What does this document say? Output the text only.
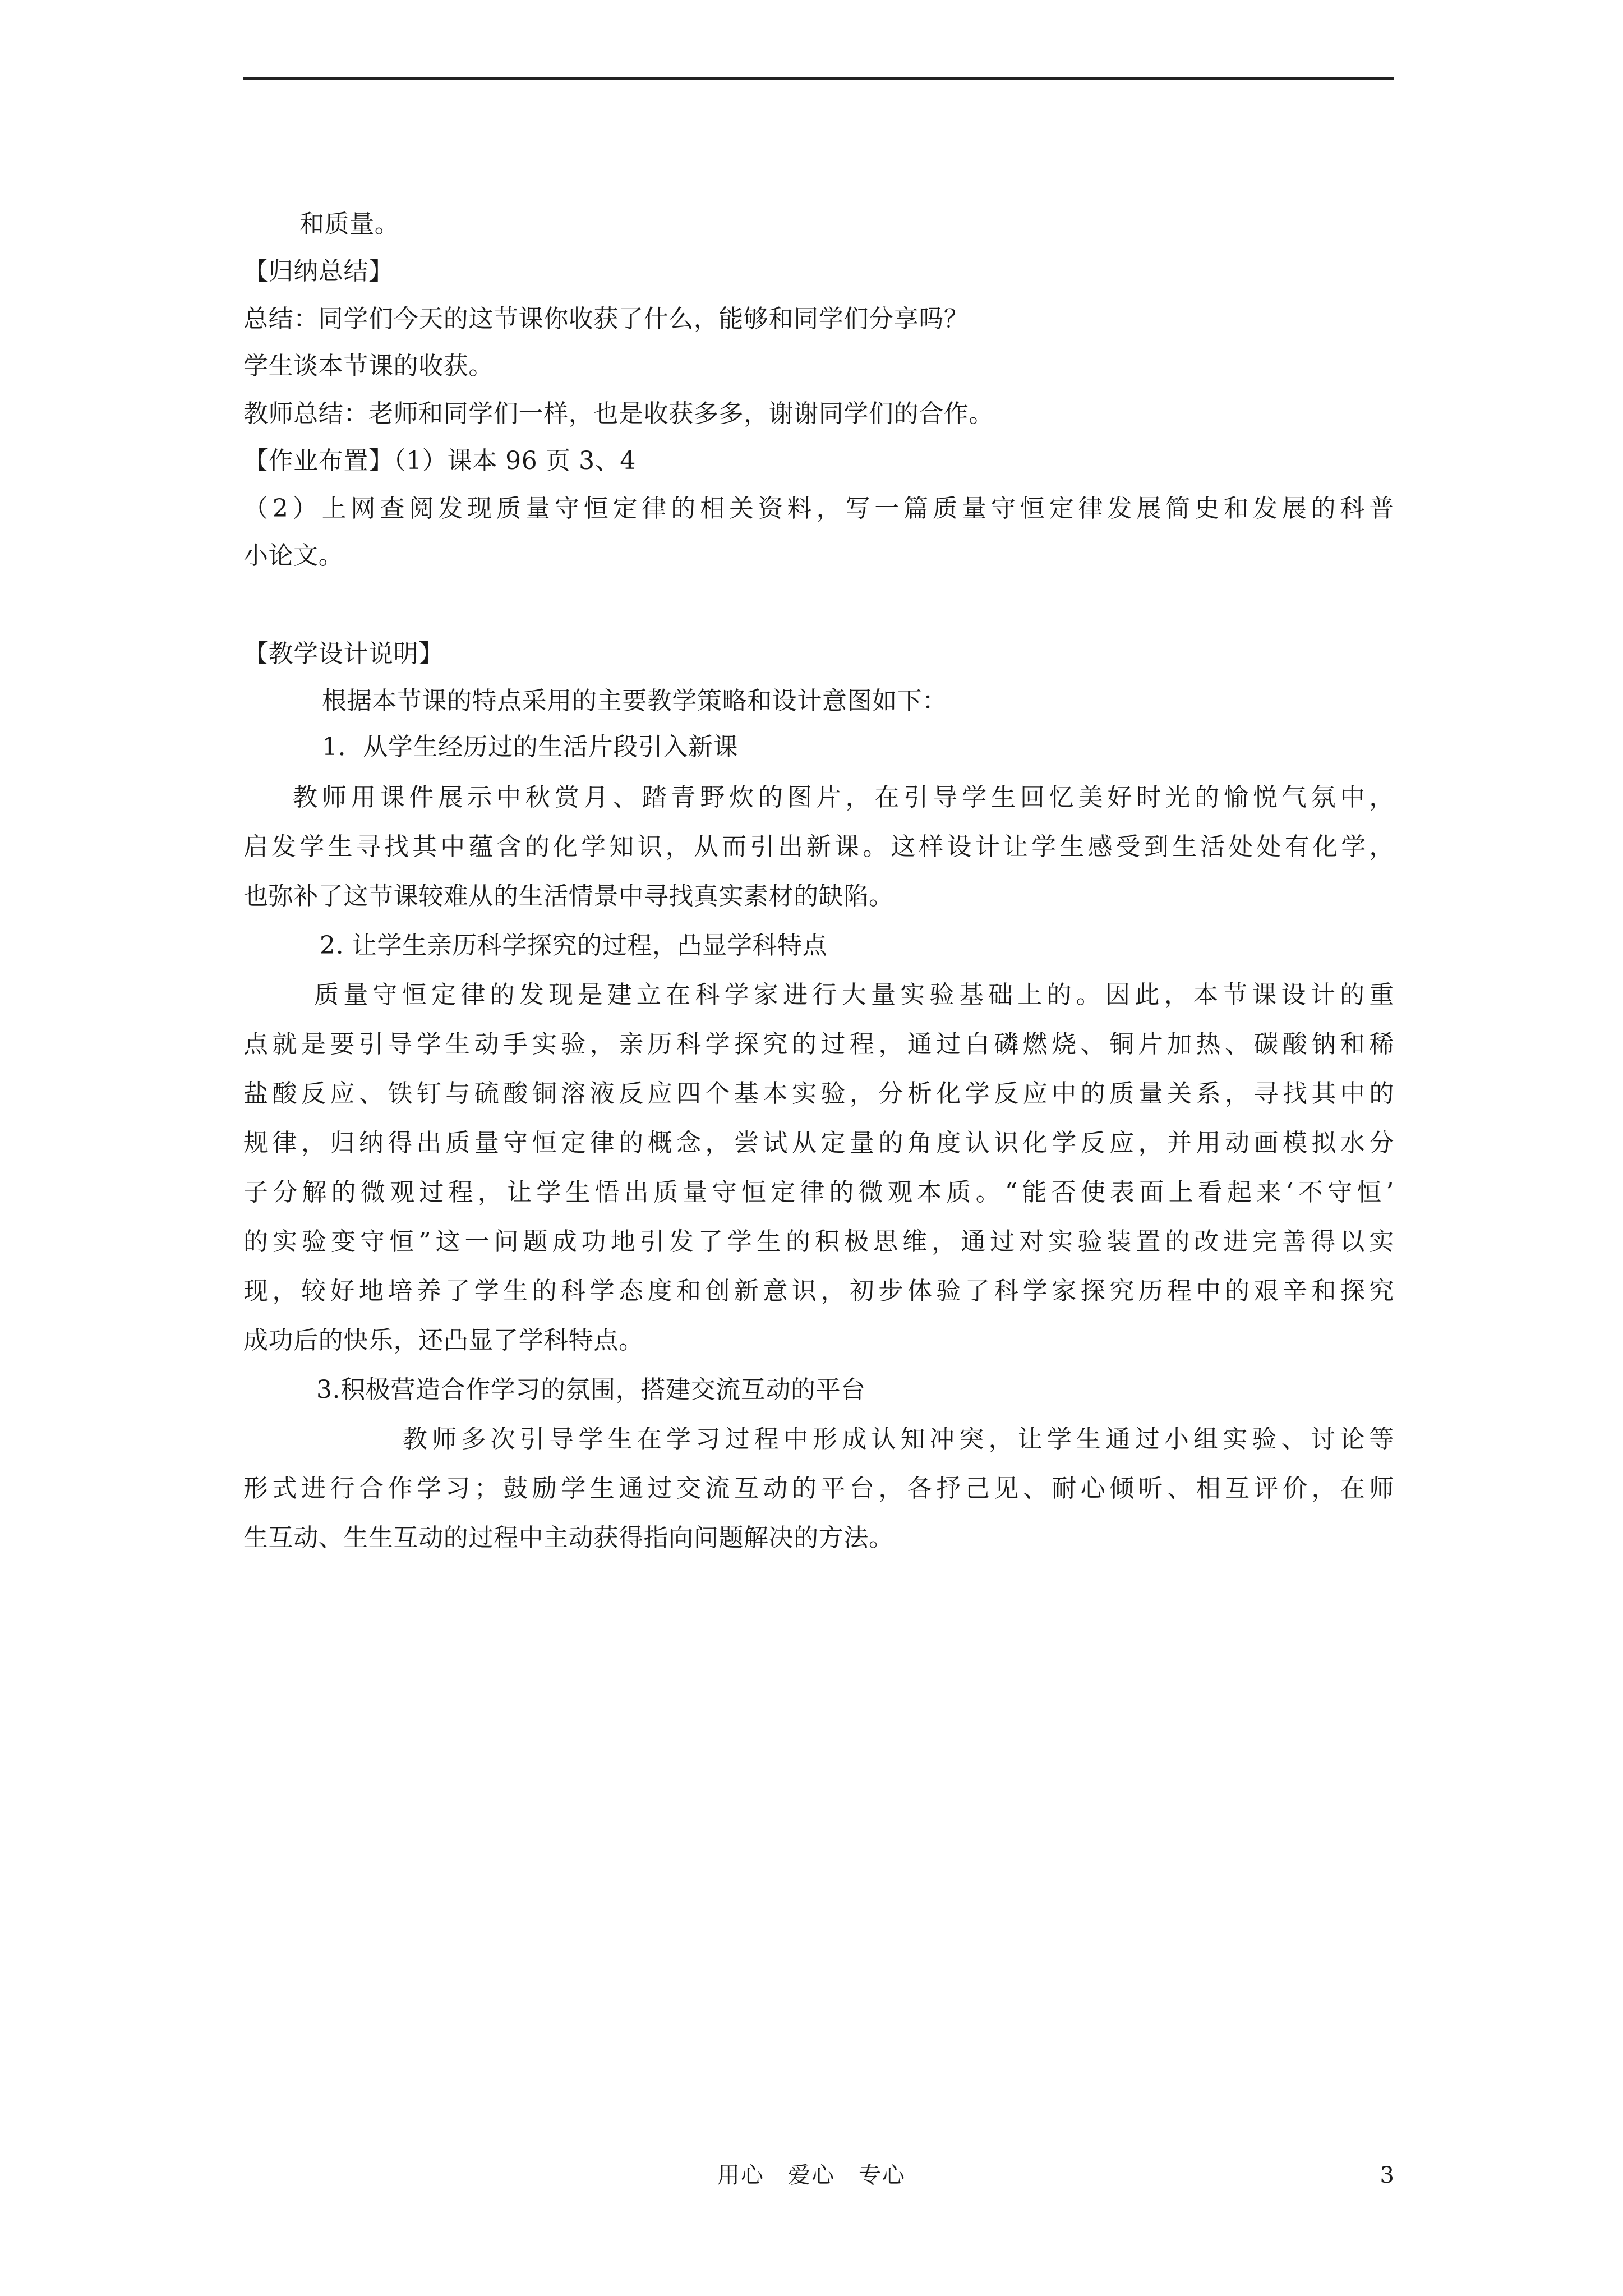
和质量。
【归纳总结】
总结：同学们今天的这节课你收获了什么，能够和同学们分享吗？
学生谈本节课的收获。
教师总结：老师和同学们一样，也是收获多多，谢谢同学们的合作。
【作业布置】（1）课本 96 页 3、4
（2）上网查阅发现质量守恒定律的相关资料，写一篇质量守恒定律发展简史和发展的科普
小论文。
【教学设计说明】
根据本节课的特点采用的主要教学策略和设计意图如下：
1．从学生经历过的生活片段引入新课
教师用课件展示中秋赏月、踏青野炊的图片，在引导学生回忆美好时光的愉悦气氛中，
启发学生寻找其中蕴含的化学知识，从而引出新课。这样设计让学生感受到生活处处有化学，
也弥补了这节课较难从的生活情景中寻找真实素材的缺陷。
2. 让学生亲历科学探究的过程，凸显学科特点
质量守恒定律的发现是建立在科学家进行大量实验基础上的。因此，本节课设计的重
点就是要引导学生动手实验，亲历科学探究的过程，通过白磷燃烧、铜片加热、碳酸钠和稀
盐酸反应、铁钉与硫酸铜溶液反应四个基本实验，分析化学反应中的质量关系，寻找其中的
规律，归纳得出质量守恒定律的概念，尝试从定量的角度认识化学反应，并用动画模拟水分
子分解的微观过程，让学生悟出质量守恒定律的微观本质。“能否使表面上看起来‘不守恒’
的实验变守恒”这一问题成功地引发了学生的积极思维，通过对实验装置的改进完善得以实
现，较好地培养了学生的科学态度和创新意识，初步体验了科学家探究历程中的艰辛和探究
成功后的快乐，还凸显了学科特点。
3.积极营造合作学习的氛围，搭建交流互动的平台
教师多次引导学生在学习过程中形成认知冲突，让学生通过小组实验、讨论等
形式进行合作学习；鼓励学生通过交流互动的平台，各抒己见、耐心倾听、相互评价，在师
生互动、生生互动的过程中主动获得指向问题解决的方法。
用心　爱心　专心	3
